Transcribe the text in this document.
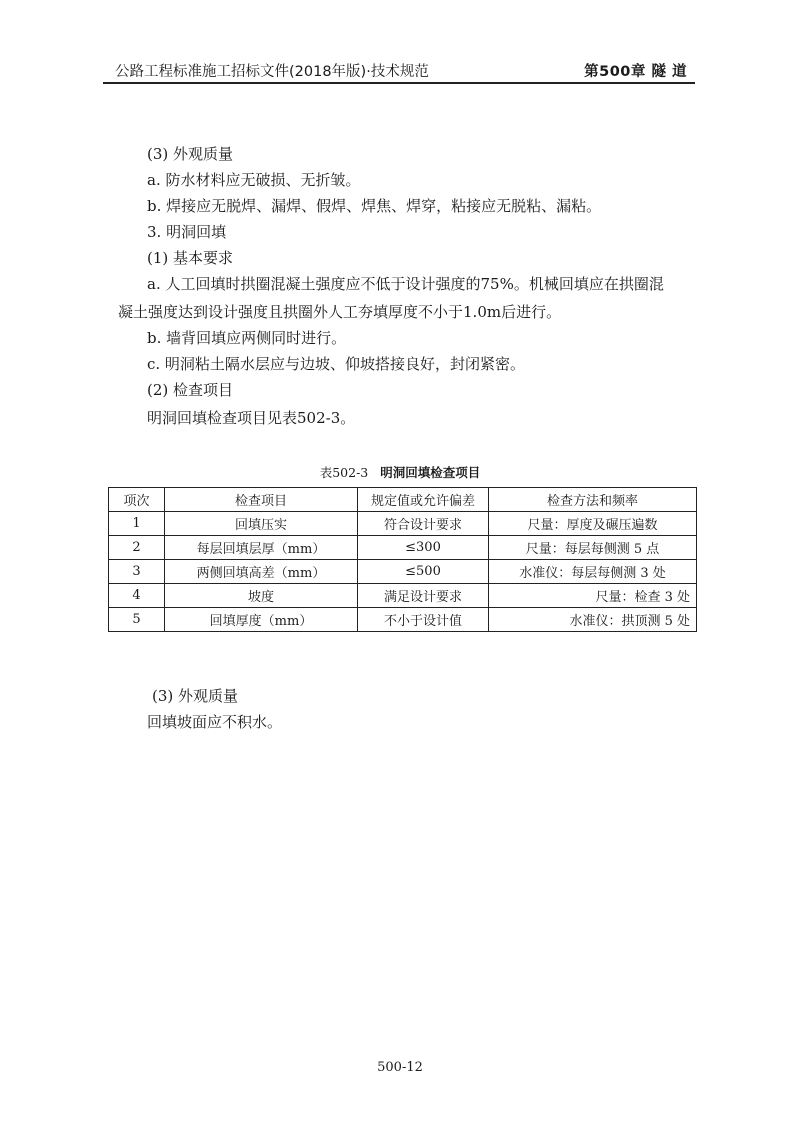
公路工程标准施工招标文件(2018年版)·技术规范	第500章 隧 道
(3) 外观质量
a. 防水材料应无破损、无折皱。
b. 焊接应无脱焊、漏焊、假焊、焊焦、焊穿，粘接应无脱粘、漏粘。
3. 明洞回填
(1) 基本要求
a. 人工回填时拱圈混凝土强度应不低于设计强度的75%。机械回填应在拱圈混
凝土强度达到设计强度且拱圈外人工夯填厚度不小于1.0m后进行。
b. 墙背回填应两侧同时进行。
c. 明洞粘土隔水层应与边坡、仰坡搭接良好，封闭紧密。
(2) 检查项目
明洞回填检查项目见表502-3。
表502-3 明洞回填检查项目
项次	检查项目	规定值或允许偏差	检查方法和频率
1	回填压实	符合设计要求	尺量：厚度及碾压遍数
2	每层回填层厚（mm）	≤300	尺量：每层每侧测 5 点
3	两侧回填高差（mm）	≤500	水准仪：每层每侧测 3 处
4	坡度	满足设计要求	尺量：检查 3 处
5	回填厚度（mm）	不小于设计值	水准仪：拱顶测 5 处
(3) 外观质量
回填坡面应不积水。
500-12
